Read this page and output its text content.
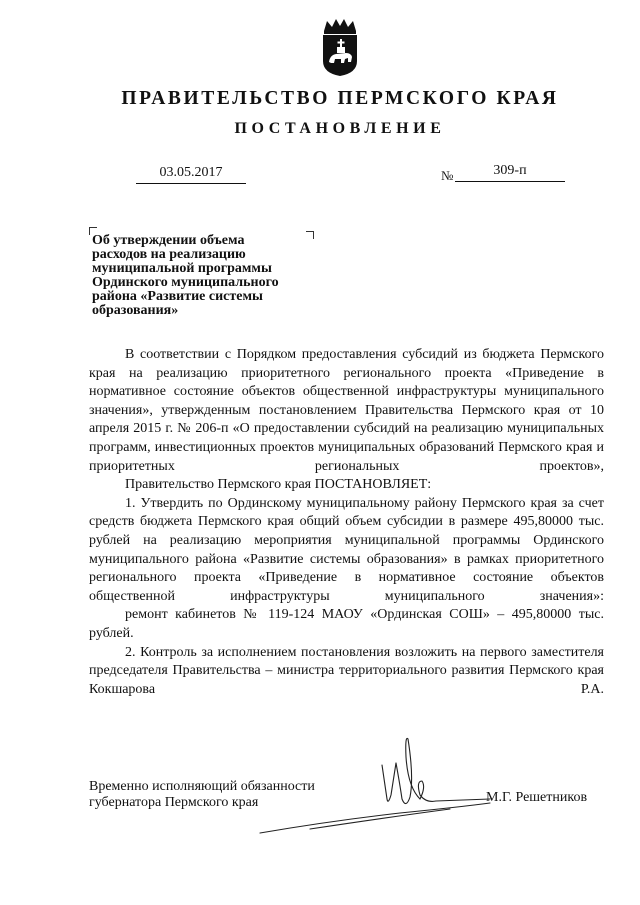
ПРАВИТЕЛЬСТВО ПЕРМСКОГО КРАЯ
ПОСТАНОВЛЕНИЕ
03.05.2017	№	309-п
Об утверждении объема
расходов на реализацию
муниципальной программы
Ординского муниципального
района «Развитие системы
образования»

В соответствии с Порядком предоставления субсидий из бюджета Пермского края на реализацию приоритетного регионального проекта «Приведение в нормативное состояние объектов общественной инфраструктуры муниципального значения», утвержденным постановлением Правительства Пермского края от 10 апреля 2015 г. № 206-п «О предоставлении субсидий на реализацию муниципальных программ, инвестиционных проектов муниципальных образований Пермского края и приоритетных региональных проектов»,

Правительство Пермского края ПОСТАНОВЛЯЕТ:

1. Утвердить по Ординскому муниципальному району Пермского края за счет средств бюджета Пермского края общий объем субсидии в размере 495,80000 тыс. рублей на реализацию мероприятия муниципальной программы Ординского муниципального района «Развитие системы образования» в рамках приоритетного регионального проекта «Приведение в нормативное состояние объектов общественной инфраструктуры муниципального значения»:

ремонт кабинетов № 119-124 МАОУ «Ординская СОШ» – 495,80000 тыс. рублей.

2. Контроль за исполнением постановления возложить на первого заместителя председателя Правительства – министра территориального развития Пермского края Кокшарова Р.А.

Временно исполняющий обязанности
губернатора Пермского края	М.Г. Решетников
